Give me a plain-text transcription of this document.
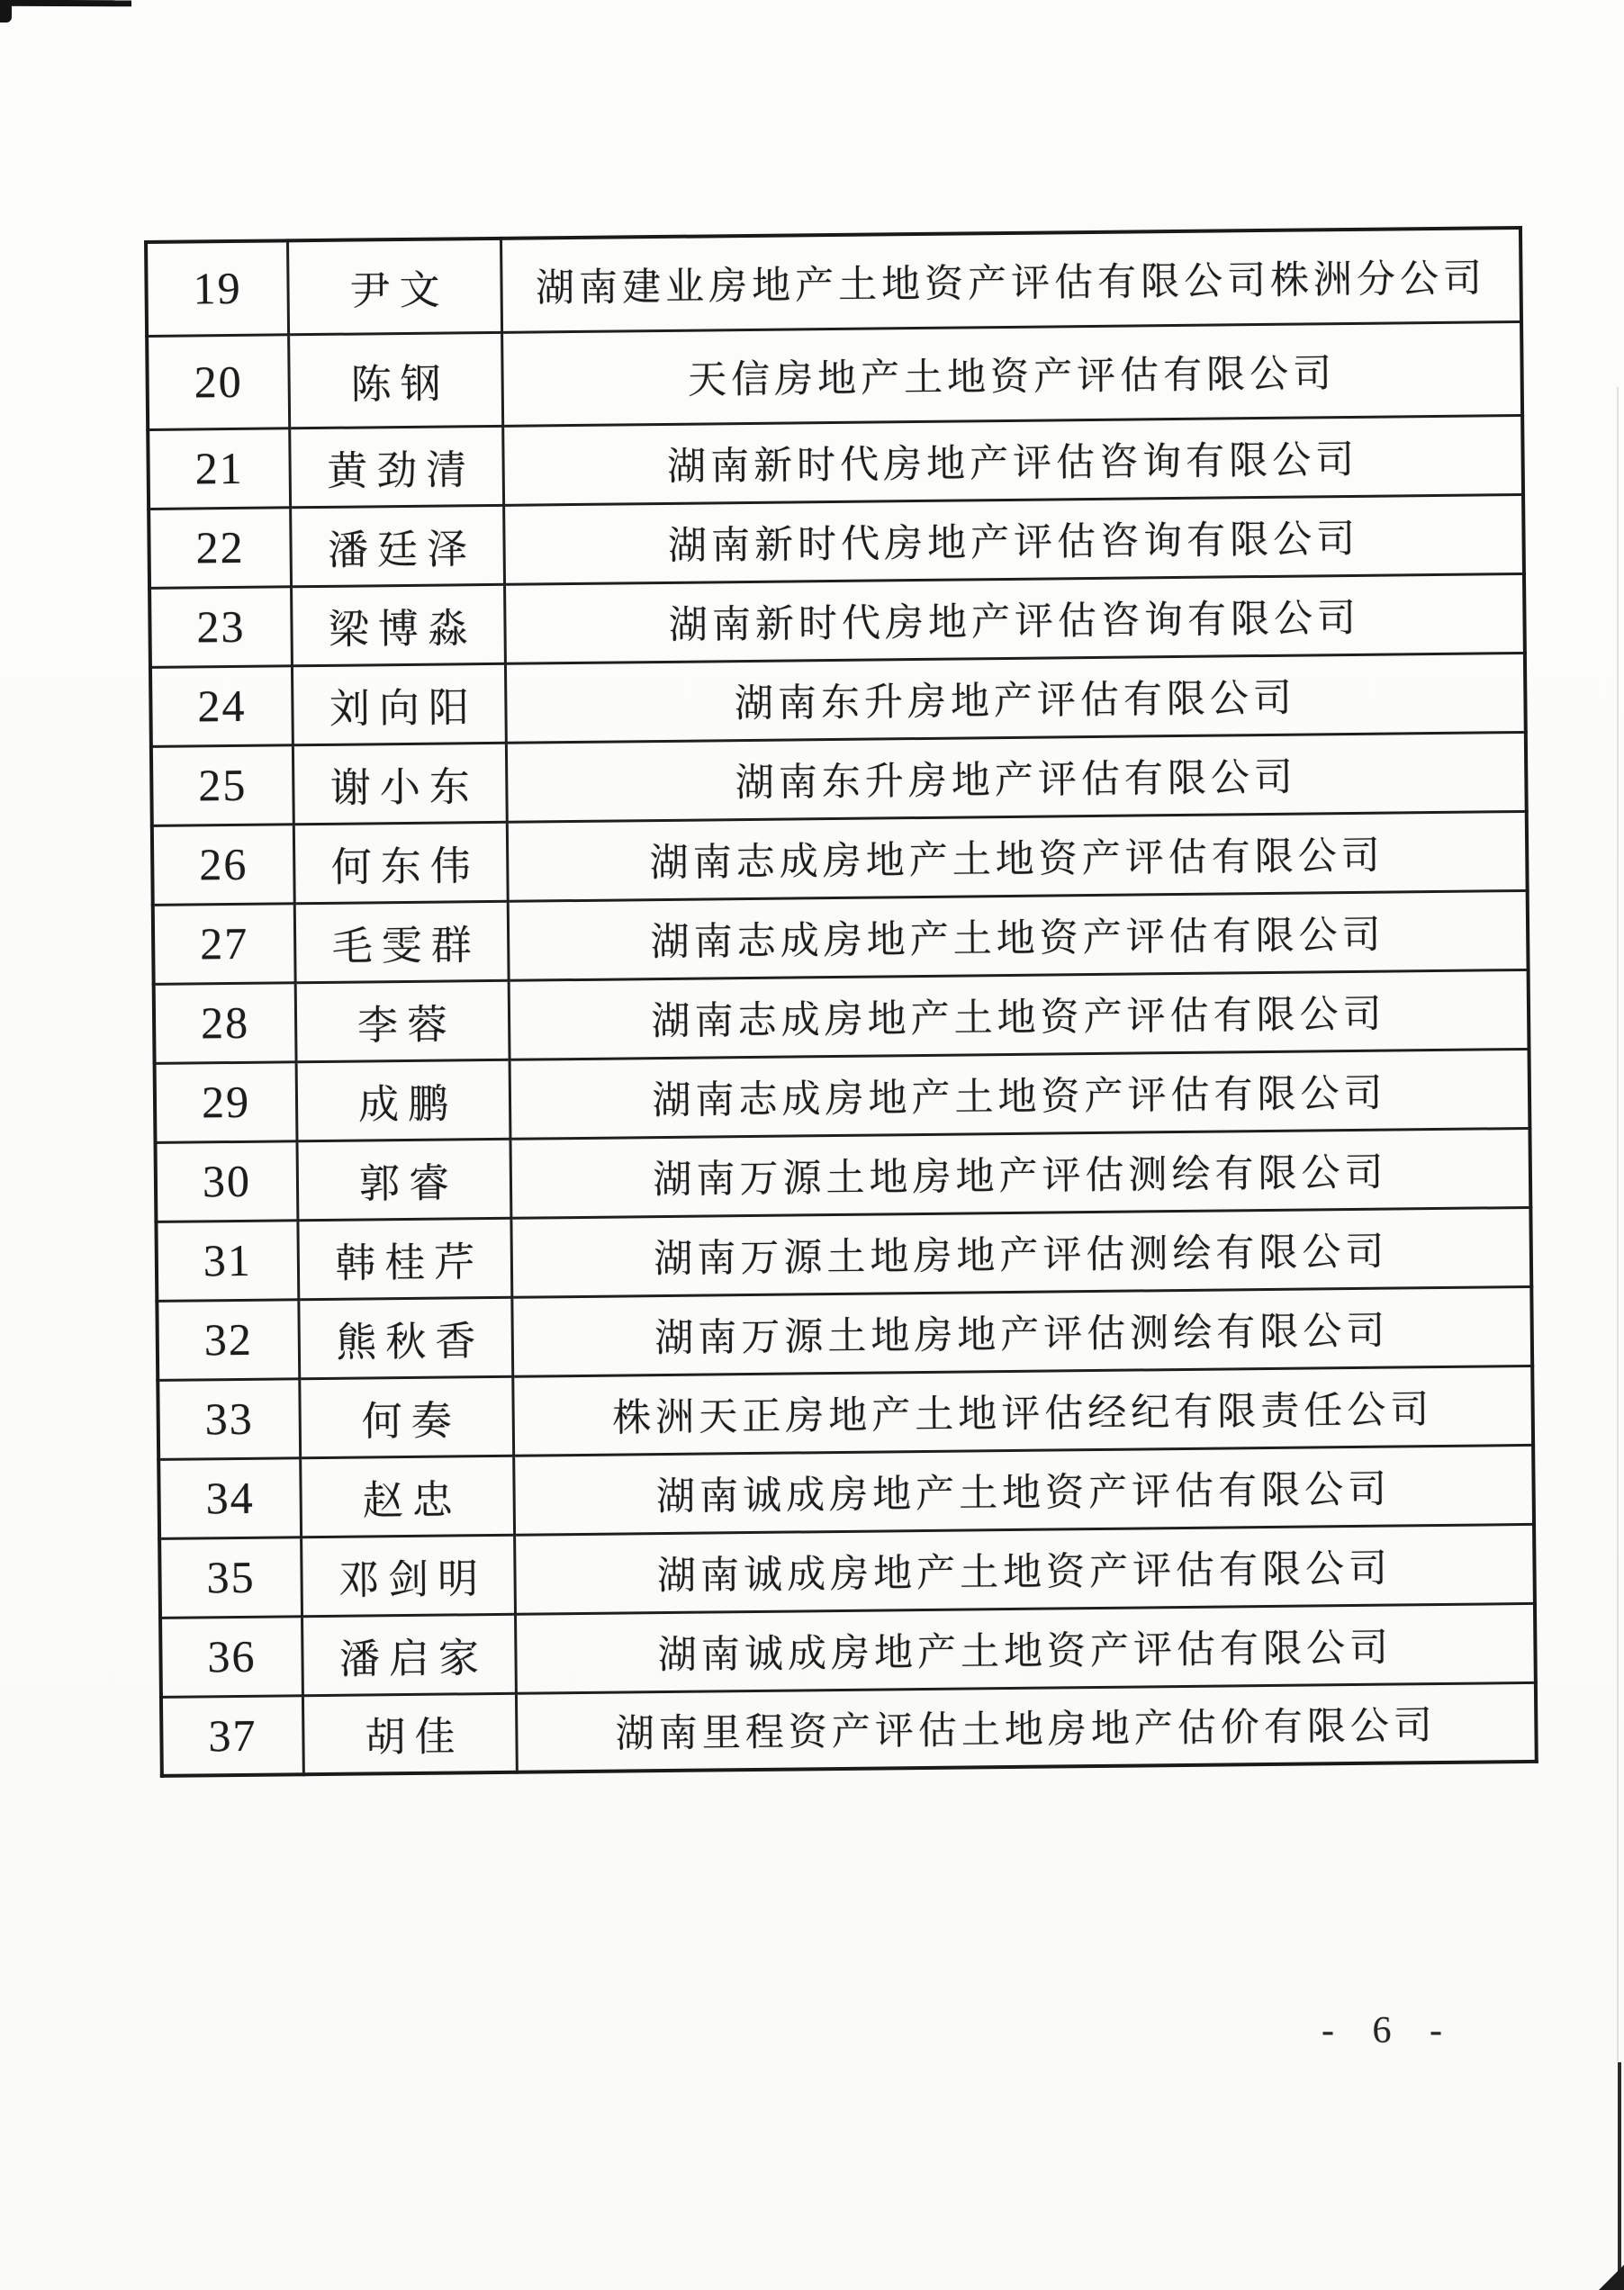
19	尹文	湖南建业房地产土地资产评估有限公司株洲分公司
20	陈钢	天信房地产土地资产评估有限公司
21	黄劲清	湖南新时代房地产评估咨询有限公司
22	潘廷泽	湖南新时代房地产评估咨询有限公司
23	梁博淼	湖南新时代房地产评估咨询有限公司
24	刘向阳	湖南东升房地产评估有限公司
25	谢小东	湖南东升房地产评估有限公司
26	何东伟	湖南志成房地产土地资产评估有限公司
27	毛雯群	湖南志成房地产土地资产评估有限公司
28	李蓉	湖南志成房地产土地资产评估有限公司
29	成鹏	湖南志成房地产土地资产评估有限公司
30	郭睿	湖南万源土地房地产评估测绘有限公司
31	韩桂芹	湖南万源土地房地产评估测绘有限公司
32	熊秋香	湖南万源土地房地产评估测绘有限公司
33	何奏	株洲天正房地产土地评估经纪有限责任公司
34	赵忠	湖南诚成房地产土地资产评估有限公司
35	邓剑明	湖南诚成房地产土地资产评估有限公司
36	潘启家	湖南诚成房地产土地资产评估有限公司
37	胡佳	湖南里程资产评估土地房地产估价有限公司
- 6 -
